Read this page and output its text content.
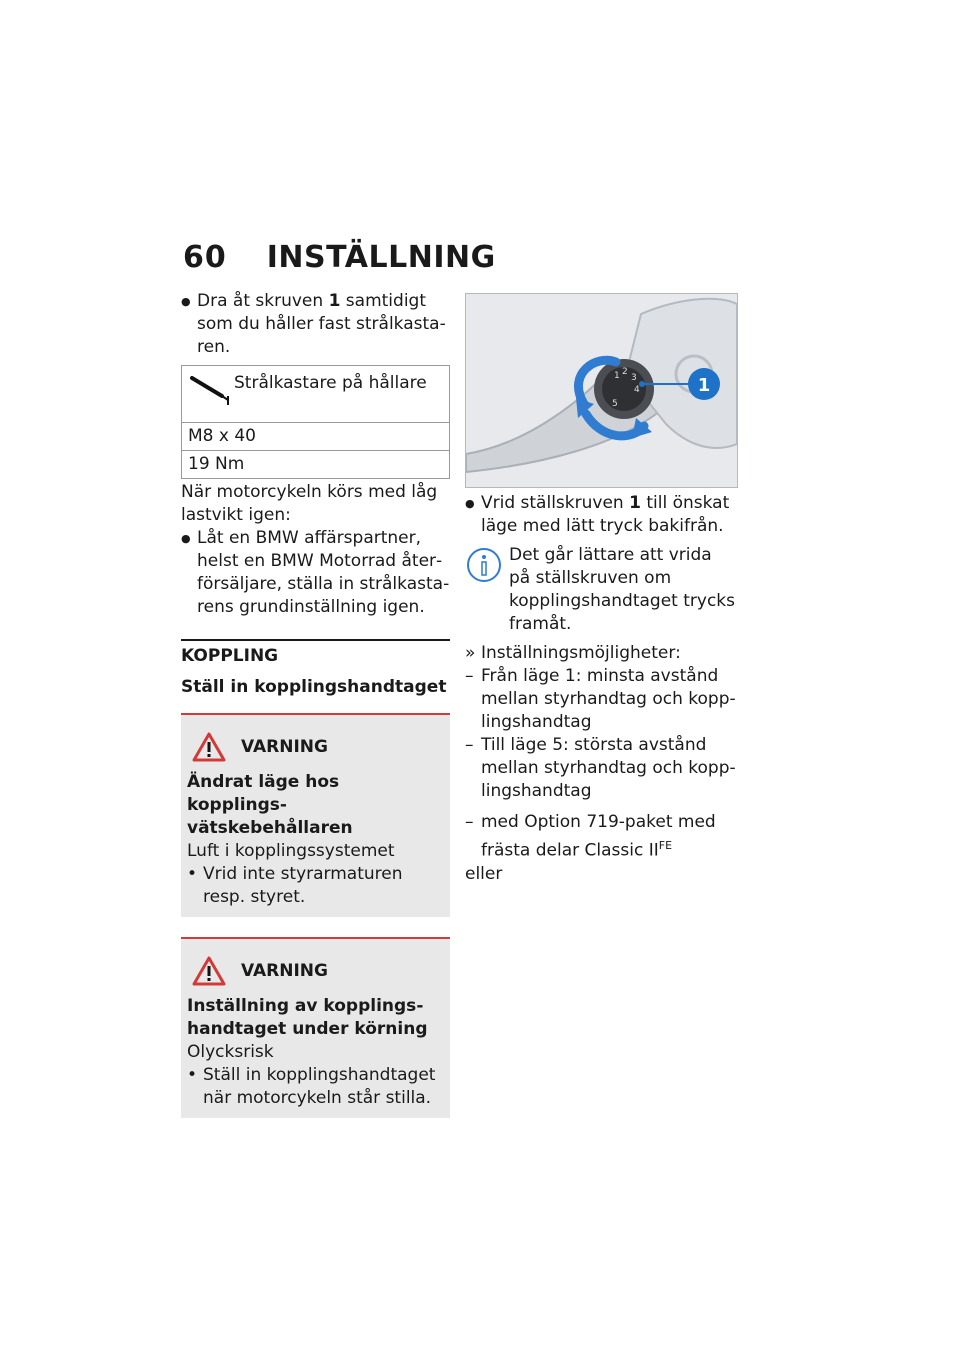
60 INSTÄLLNING

● Dra åt skruven 1 samtidigt som du håller fast strålkastaren.

Strålkastare på hållare

M8 x 40
19 Nm

När motorcykeln körs med låg lastvikt igen:

● Låt en BMW affärspartner, helst en BMW Motorrad återförsäljare, ställa in strålkastarens grundinställning igen.

KOPPLING
Ställ in kopplingshandtaget
VARNING

Ändrat läge hos kopplingsvätskebehållaren

Luft i kopplingssystemet

• Vrid inte styrarmaturen resp. styret.

VARNING

Inställning av kopplingshandtaget under körning

Olycksrisk

• Ställ in kopplingshandtaget när motorcykeln står stilla.

1 2
3
4
5
1

● Vrid ställskruven 1 till önskat läge med lätt tryck bakifrån.

Det går lättare att vrida på ställskruven om kopplingshandtaget trycks framåt.

» Inställningsmöjligheter:

– Från läge 1: minsta avstånd mellan styrhandtag och kopplingshandtag

– Till läge 5: största avstånd mellan styrhandtag och kopplingshandtag

– med Option 719-paket med frästa delar Classic $II^{FE}$

eller
